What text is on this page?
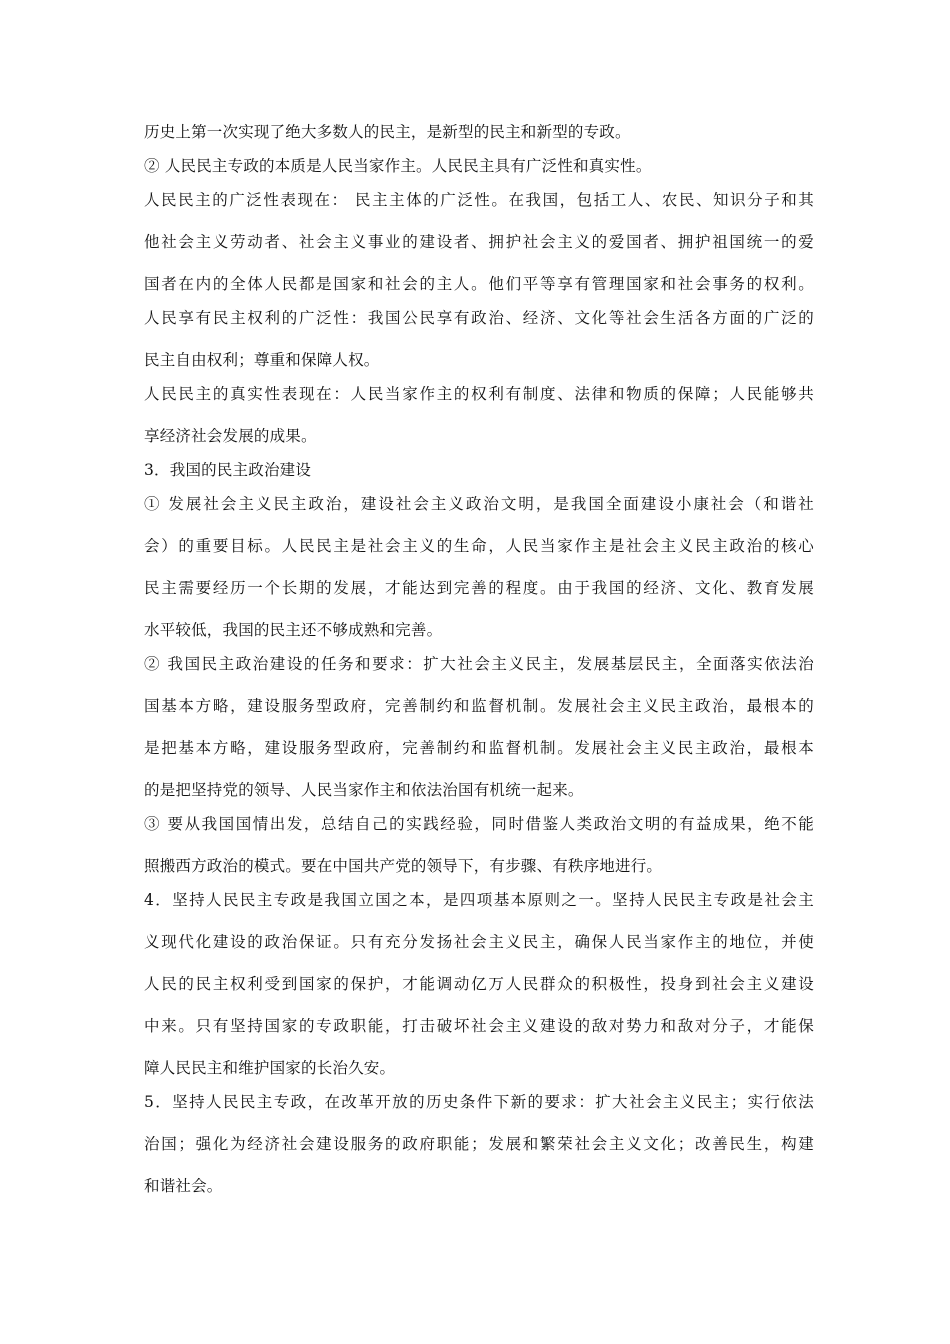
历史上第一次实现了绝大多数人的民主，是新型的民主和新型的专政。
② 人民民主专政的本质是人民当家作主。人民民主具有广泛性和真实性。
人民民主的广泛性表现在： 民主主体的广泛性。在我国，包括工人、农民、知识分子和其
他社会主义劳动者、社会主义事业的建设者、拥护社会主义的爱国者、拥护祖国统一的爱
国者在内的全体人民都是国家和社会的主人。他们平等享有管理国家和社会事务的权利。
人民享有民主权利的广泛性：我国公民享有政治、经济、文化等社会生活各方面的广泛的
民主自由权利；尊重和保障人权。
人民民主的真实性表现在：人民当家作主的权利有制度、法律和物质的保障；人民能够共
享经济社会发展的成果。
3．我国的民主政治建设
① 发展社会主义民主政治，建设社会主义政治文明，是我国全面建设小康社会（和谐社
会）的重要目标。人民民主是社会主义的生命，人民当家作主是社会主义民主政治的核心
民主需要经历一个长期的发展，才能达到完善的程度。由于我国的经济、文化、教育发展
水平较低，我国的民主还不够成熟和完善。
② 我国民主政治建设的任务和要求：扩大社会主义民主，发展基层民主，全面落实依法治
国基本方略，建设服务型政府，完善制约和监督机制。发展社会主义民主政治，最根本的
是把基本方略，建设服务型政府，完善制约和监督机制。发展社会主义民主政治，最根本
的是把坚持党的领导、人民当家作主和依法治国有机统一起来。
③ 要从我国国情出发，总结自己的实践经验，同时借鉴人类政治文明的有益成果，绝不能
照搬西方政治的模式。要在中国共产党的领导下，有步骤、有秩序地进行。
4．坚持人民民主专政是我国立国之本，是四项基本原则之一。坚持人民民主专政是社会主
义现代化建设的政治保证。只有充分发扬社会主义民主，确保人民当家作主的地位，并使
人民的民主权利受到国家的保护，才能调动亿万人民群众的积极性，投身到社会主义建设
中来。只有坚持国家的专政职能，打击破坏社会主义建设的敌对势力和敌对分子，才能保
障人民民主和维护国家的长治久安。
5．坚持人民民主专政，在改革开放的历史条件下新的要求：扩大社会主义民主；实行依法
治国；强化为经济社会建设服务的政府职能；发展和繁荣社会主义文化；改善民生，构建
和谐社会。
